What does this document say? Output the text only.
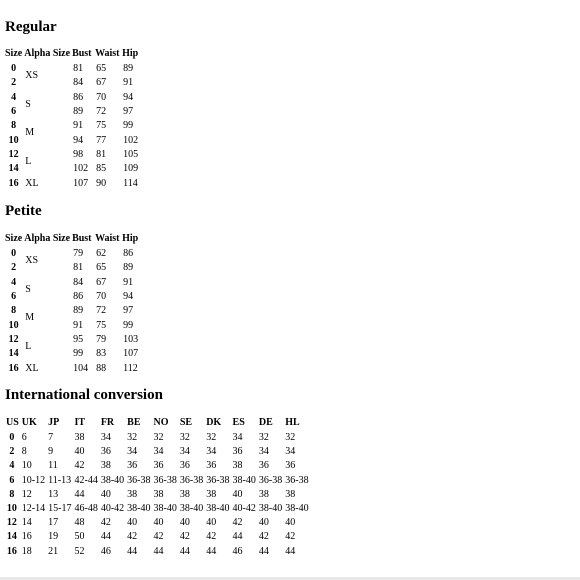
Regular
Size	Alpha Size	Bust	Waist	Hip
0	XS	81	65	89
2		84	67	91
4	S	86	70	94
6		89	72	97
8	M	91	75	99
10		94	77	102
12	L	98	81	105
14		102	85	109
16	XL	107	90	114
Petite
Size	Alpha Size	Bust	Waist	Hip
0	XS	79	62	86
2		81	65	89
4	S	84	67	91
6		86	70	94
8	M	89	72	97
10		91	75	99
12	L	95	79	103
14		99	83	107
16	XL	104	88	112
International conversion
US	UK	JP	IT	FR	BE	NO	SE	DK	ES	DE	HL
0	6	7	38	34	32	32	32	32	34	32	32
2	8	9	40	36	34	34	34	34	36	34	34
4	10	11	42	38	36	36	36	36	38	36	36
6	10-12	11-13	42-44	38-40	36-38	36-38	36-38	36-38	38-40	36-38	36-38
8	12	13	44	40	38	38	38	38	40	38	38
10	12-14	15-17	46-48	40-42	38-40	38-40	38-40	38-40	40-42	38-40	38-40
12	14	17	48	42	40	40	40	40	42	40	40
14	16	19	50	44	42	42	42	42	44	42	42
16	18	21	52	46	44	44	44	44	46	44	44
